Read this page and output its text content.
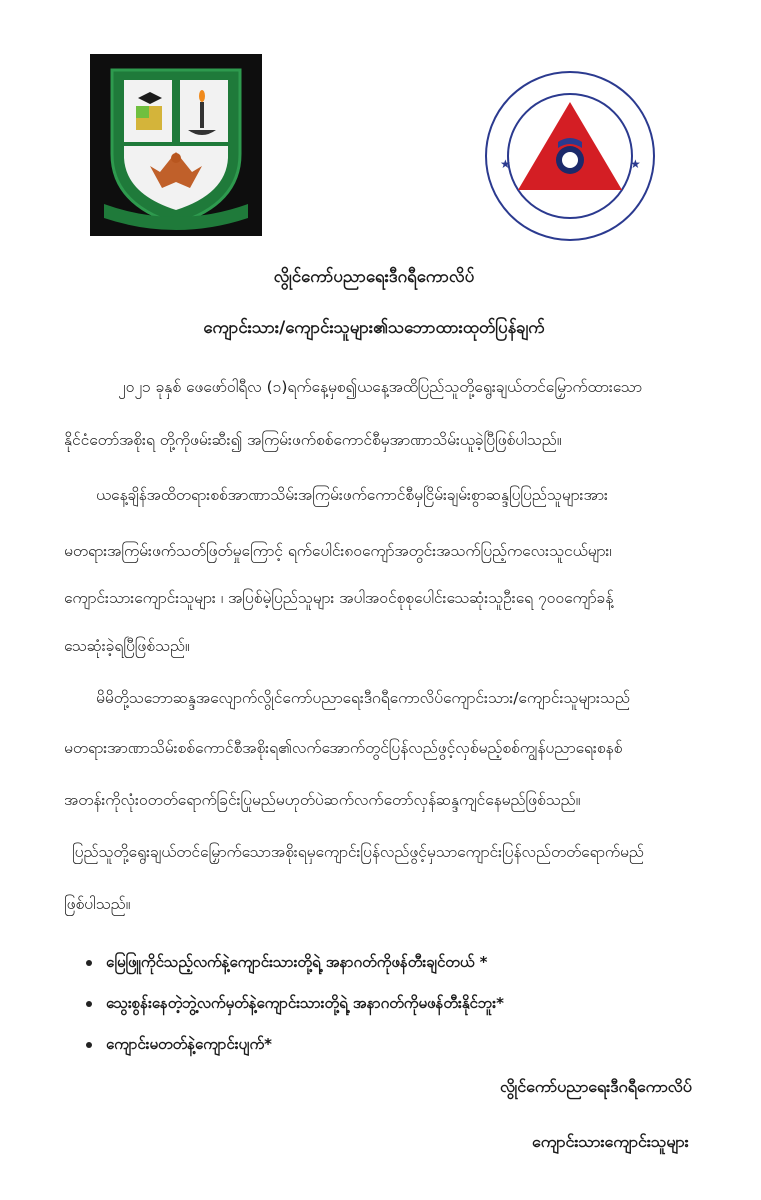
★	★
လွိုင်ကော်ပညာရေးဒီဂရီကောလိပ်
ကျောင်းသား/ကျောင်းသူများ၏သဘောထားထုတ်ပြန်ချက်
၂၀၂၁ ခုနှစ် ဖေဖော်ဝါရီလ (၁)ရက်နေ့မှစ၍ယနေ့အထိပြည်သူတို့ရွေးချယ်တင်မြှောက်ထားသော
နိုင်ငံတော်အစိုးရ တို့ကိုဖမ်းဆီး၍ အကြမ်းဖက်စစ်ကောင်စီမှအာဏာသိမ်းယူခဲ့ပြီဖြစ်ပါသည်။
ယနေ့ချိန်အထိတရားစစ်အာဏာသိမ်းအကြမ်းဖက်ကောင်စီမှငြိမ်းချမ်းစွာဆန္ဒပြပြည်သူများအား
မတရားအကြမ်းဖက်သတ်ဖြတ်မှုကြောင့် ရက်ပေါင်း၈၀ကျော်အတွင်းအသက်ပြည့်ကလေးသူငယ်များ၊
ကျောင်းသားကျောင်းသူများ ၊ အပြစ်မဲ့ပြည်သူများ အပါအဝင်စုစုပေါင်းသေဆုံးသူဦးရေ ၇၀၀ကျော်ခန့်
သေဆုံးခဲ့ရပြီဖြစ်သည်။
မိမိတို့သဘောဆန္ဒအလျောက်လွိုင်ကော်ပညာရေးဒီဂရီကောလိပ်ကျောင်းသား/ကျောင်းသူများသည်
မတရားအာဏာသိမ်းစစ်ကောင်စီအစိုးရ၏လက်အောက်တွင်ပြန်လည်ဖွင့်လှစ်မည့်စစ်ကျွန်ပညာရေးစနစ်
အတန်းကိုလုံးဝတတ်ရောက်ခြင်းပြုမည်မဟုတ်ပဲဆက်လက်တော်လှန်ဆန္ဒကျင်နေမည်ဖြစ်သည်။
ပြည်သူတို့ရွေးချယ်တင်မြှောက်သောအစိုးရမှကျောင်းပြန်လည်ဖွင့်မှသာကျောင်းပြန်လည်တတ်ရောက်မည်
ဖြစ်ပါသည်။
မြေဖြူကိုင်သည့်လက်နဲ့ကျောင်းသားတို့ရဲ့ အနာဂတ်ကိုဖန်တီးချင်တယ် *
သွေးစွန်းနေတဲ့ဘွဲ့လက်မှတ်နဲ့ကျောင်းသားတို့ရဲ့ အနာဂတ်ကိုမဖန်တီးနိုင်ဘူး*
ကျောင်းမတတ်နဲ့ကျောင်းပျက်*
လွိုင်ကော်ပညာရေးဒီဂရီကောလိပ်
ကျောင်းသားကျောင်းသူများ
